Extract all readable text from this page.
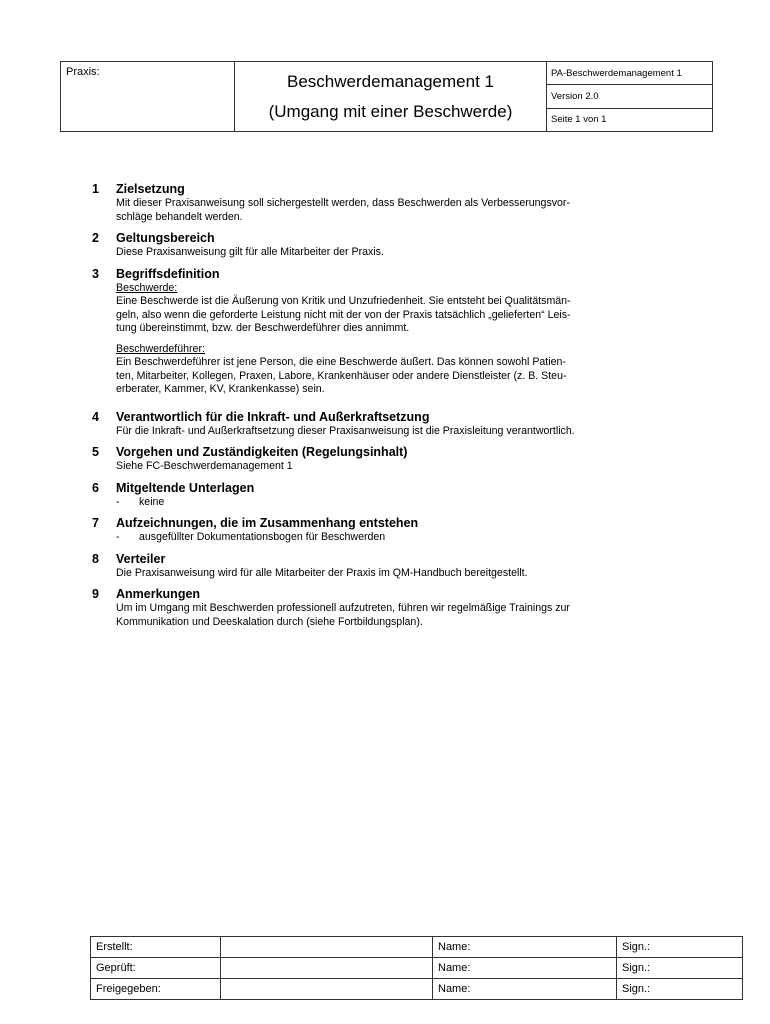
Praxis:	Beschwerdemanagement 1
(Umgang mit einer Beschwerde)
PA-Beschwerdemanagement 1
Version 2.0
Seite 1 von 1
1	Zielsetzung

Mit dieser Praxisanweisung soll sichergestellt werden, dass Beschwerden als Verbesserungsvor-

schläge behandelt werden.

2	Geltungsbereich

Diese Praxisanweisung gilt für alle Mitarbeiter der Praxis.

3	Begriffsdefinition

Beschwerde:

Eine Beschwerde ist die Äußerung von Kritik und Unzufriedenheit. Sie entsteht bei Qualitätsmän-

geln, also wenn die geforderte Leistung nicht mit der von der Praxis tatsächlich „gelieferten“ Leis-

tung übereinstimmt, bzw. der Beschwerdeführer dies annimmt.

Beschwerdeführer:

Ein Beschwerdeführer ist jene Person, die eine Beschwerde äußert. Das können sowohl Patien-

ten, Mitarbeiter, Kollegen, Praxen, Labore, Krankenhäuser oder andere Dienstleister (z. B. Steu-

erberater, Kammer, KV, Krankenkasse) sein.

4	Verantwortlich für die Inkraft- und Außerkraftsetzung

Für die Inkraft- und Außerkraftsetzung dieser Praxisanweisung ist die Praxisleitung verantwortlich.

5	Vorgehen und Zuständigkeiten (Regelungsinhalt)

Siehe FC-Beschwerdemanagement 1

6	Mitgeltende Unterlagen
-	keine
7	Aufzeichnungen, die im Zusammenhang entstehen
-	ausgefüllter Dokumentationsbogen für Beschwerden
8	Verteiler

Die Praxisanweisung wird für alle Mitarbeiter der Praxis im QM-Handbuch bereitgestellt.

9	Anmerkungen

Um im Umgang mit Beschwerden professionell aufzutreten, führen wir regelmäßige Trainings zur

Kommunikation und Deeskalation durch (siehe Fortbildungsplan).

Erstellt:		Name:	Sign.:
Geprüft:		Name:	Sign.:
Freigegeben:		Name:	Sign.:
